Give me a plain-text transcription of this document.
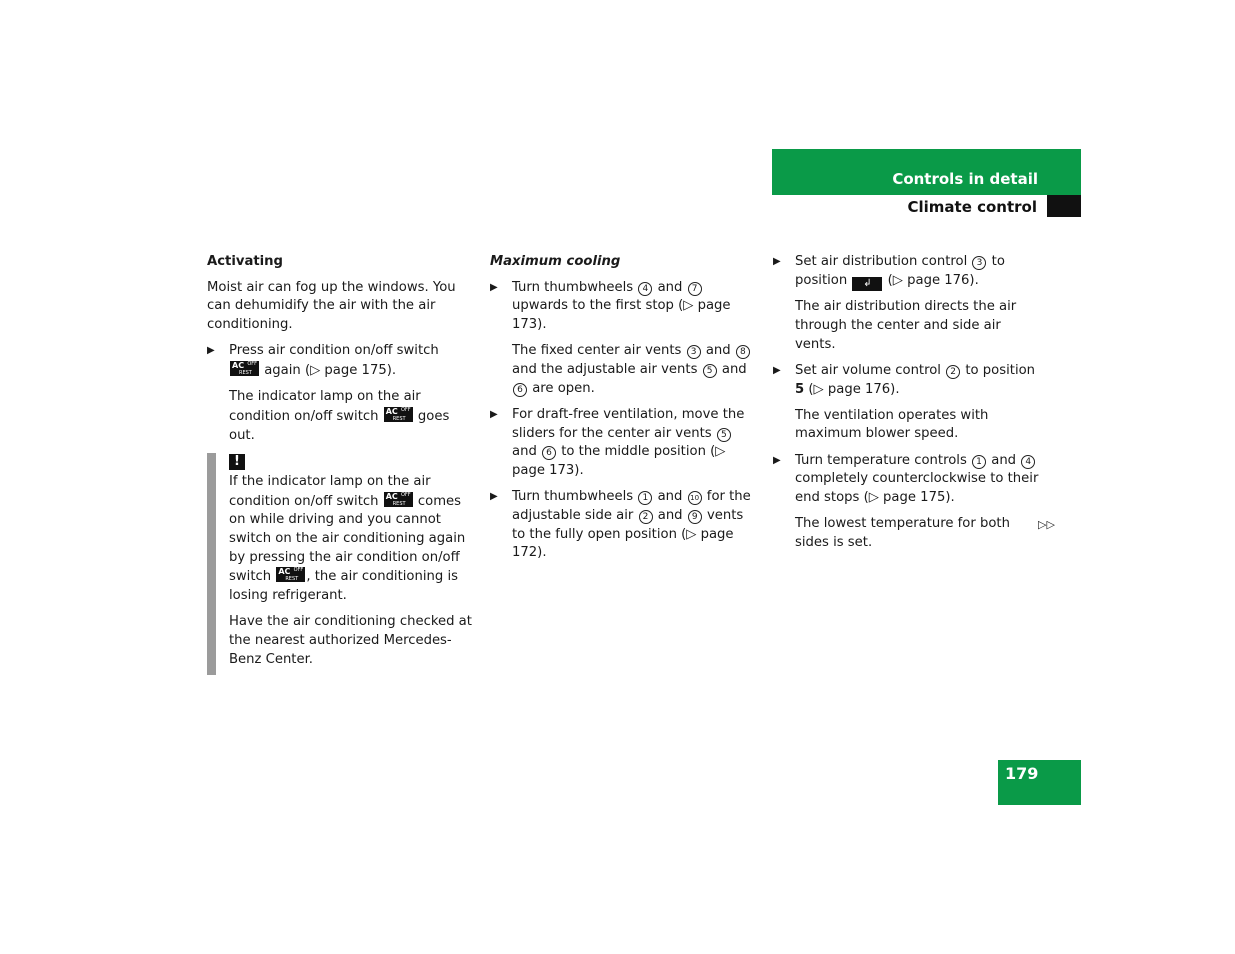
Controls in detail
Climate control

Activating

Moist air can fog up the windows. You can dehumidify the air with the air conditioning.

▶ Press air condition on/off switch
AC OFF
REST again (▷ page 175).
The indicator lamp on the air condition on/off switch AC OFF
REST goes out.
!

If the indicator lamp on the air condition on/off switch AC OFF
REST comes on while driving and you cannot switch on the air conditioning again by pressing the air condition on/off switch AC OFF
REST , the air conditioning is losing refrigerant.

Have the air conditioning checked at the nearest authorized Mercedes-Benz Center.

Maximum cooling

▶ Turn thumbwheels 4 and 7 upwards to the first stop (▷ page 173).
The fixed center air vents 3 and 8 and the adjustable air vents 5 and 6 are open.
▶ For draft-free ventilation, move the sliders for the center air vents 5 and 6 to the middle position (▷ page 173).
▶ Turn thumbwheels 1 and 10 for the adjustable side air 2 and 9 vents to the fully open position (▷ page 172).
▶ Set air distribution control 3 to position ↲ (▷ page 176).
The air distribution directs the air through the center and side air vents.
▶ Set air volume control 2 to position 5 (▷ page 176).
The ventilation operates with maximum blower speed.
▶ Turn temperature controls 1 and 4 completely counterclockwise to their end stops (▷ page 175).
The lowest temperature for both sides is set.
▷▷
179
